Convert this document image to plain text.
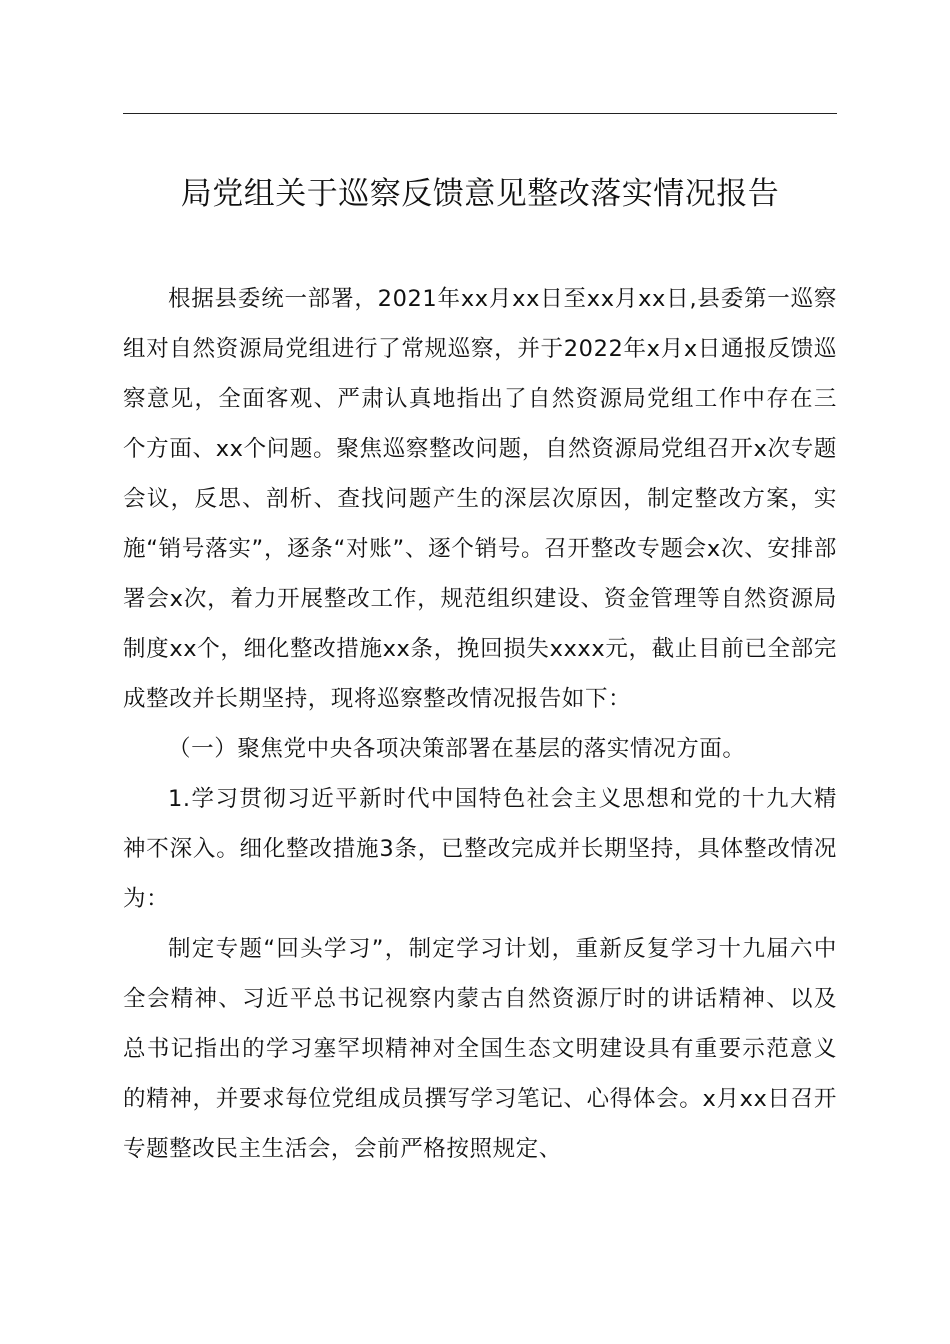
局党组关于巡察反馈意见整改落实情况报告

根据县委统一部署，2021年xx月xx日至xx月xx日,县委第一巡察组对自然资源局党组进行了常规巡察，并于2022年x月x日通报反馈巡察意见，全面客观、严肃认真地指出了自然资源局党组工作中存在三个方面、xx个问题。聚焦巡察整改问题，自然资源局党组召开x次专题会议，反思、剖析、查找问题产生的深层次原因，制定整改方案，实施“销号落实”，逐条“对账”、逐个销号。召开整改专题会x次、安排部署会x次，着力开展整改工作，规范组织建设、资金管理等自然资源局制度xx个，细化整改措施xx条，挽回损失xxxx元，截止目前已全部完成整改并长期坚持，现将巡察整改情况报告如下：

（一）聚焦党中央各项决策部署在基层的落实情况方面。

1.学习贯彻习近平新时代中国特色社会主义思想和党的十九大精神不深入。细化整改措施3条，已整改完成并长期坚持，具体整改情况为：

制定专题“回头学习”，制定学习计划，重新反复学习十九届六中全会精神、习近平总书记视察内蒙古自然资源厅时的讲话精神、以及总书记指出的学习塞罕坝精神对全国生态文明建设具有重要示范意义的精神，并要求每位党组成员撰写学习笔记、心得体会。x月xx日召开专题整改民主生活会，会前严格按照规定、
